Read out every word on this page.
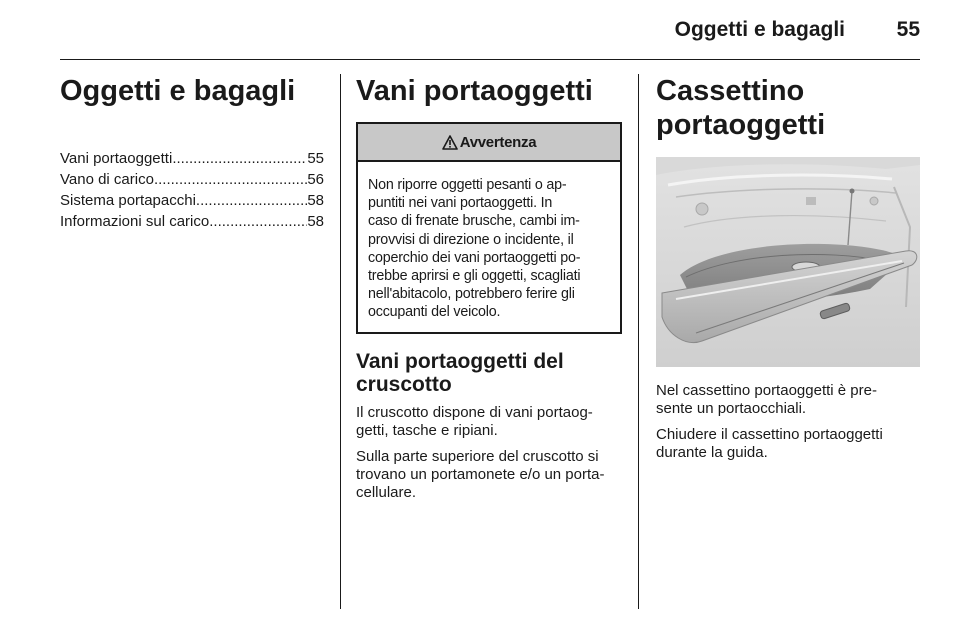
Oggetti e bagagli	55
Oggetti e bagagli
Vani portaoggetti .....	55
Vano di carico .....	56
Sistema portapacchi .....	58
Informazioni sul carico .....	58
Vani portaoggetti
Avvertenza
Non riporre oggetti pesanti o ap-
puntiti nei vani portaoggetti. In
caso di frenate brusche, cambi im-
provvisi di direzione o incidente, il
coperchio dei vani portaoggetti po-
trebbe aprirsi e gli oggetti, scagliati
nell'abitacolo, potrebbero ferire gli
occupanti del veicolo.
Vani portaoggetti del
cruscotto

Il cruscotto dispone di vani portaog-
getti, tasche e ripiani.

Sulla parte superiore del cruscotto si
trovano un portamonete e/o un porta-
cellulare.

Cassettino portaoggetti

Nel cassettino portaoggetti è pre-
sente un portaocchiali.

Chiudere il cassettino portaoggetti
durante la guida.
